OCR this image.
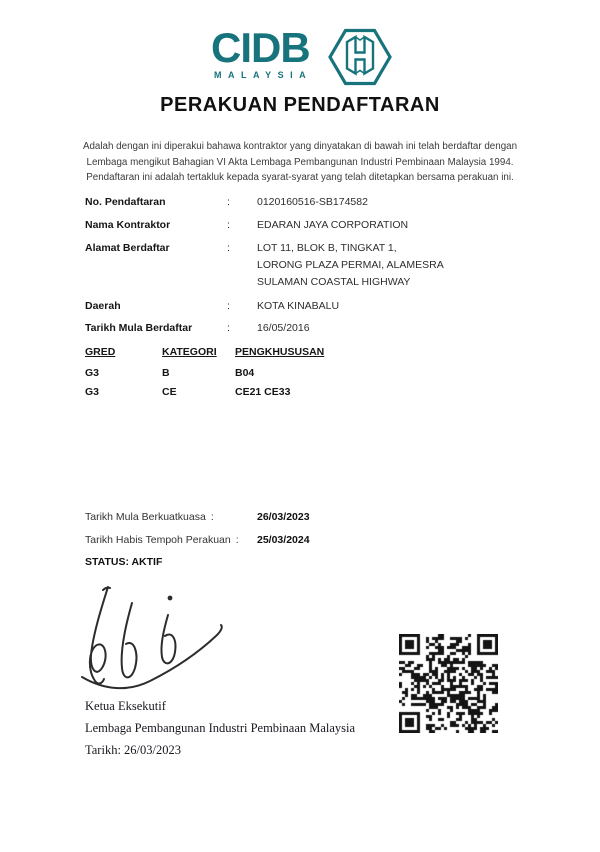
CIDB
MALAYSIA
PERAKUAN PENDAFTARAN
Adalah dengan ini diperakui bahawa kontraktor yang dinyatakan di bawah ini telah berdaftar dengan
Lembaga mengikut Bahagian VI Akta Lembaga Pembangunan Industri Pembinaan Malaysia 1994.
Pendaftaran ini adalah tertakluk kepada syarat-syarat yang telah ditetapkan bersama perakuan ini.
No. Pendaftaran	:	0120160516-SB174582
Nama Kontraktor	:	EDARAN JAYA CORPORATION
Alamat Berdaftar	:	LOT 11, BLOK B, TINGKAT 1,
LORONG PLAZA PERMAI, ALAMESRA
SULAMAN COASTAL HIGHWAY
Daerah	:	KOTA KINABALU
Tarikh Mula Berdaftar	:	16/05/2016
GRED	KATEGORI PENGKHUSUSAN
G3	B	B04
G3	CE	CE21 CE33
Tarikh Mula Berkuatkuasa :	26/03/2023
Tarikh Habis Tempoh Perakuan : 25/03/2024
STATUS: AKTIF
Ketua Eksekutif
Lembaga Pembangunan Industri Pembinaan Malaysia
Tarikh: 26/03/2023
